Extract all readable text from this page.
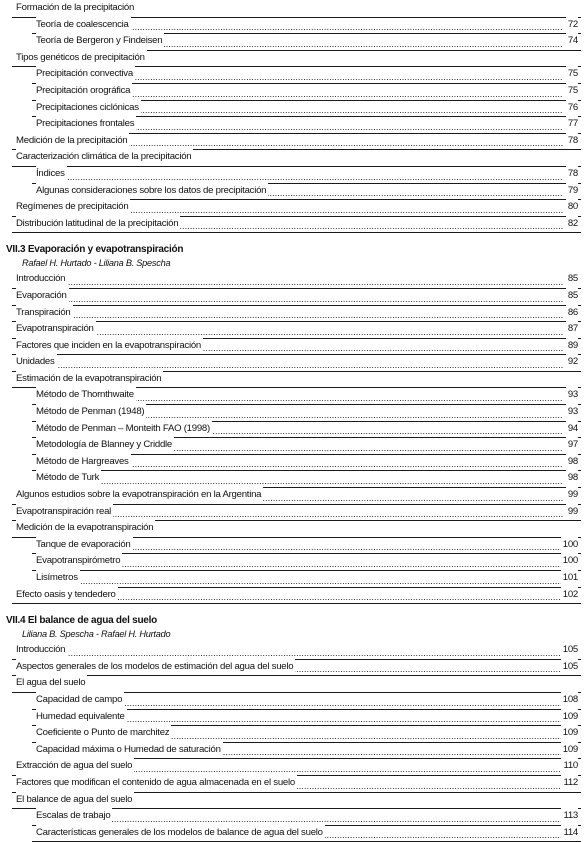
Formación de la precipitación
Teoría de coalescencia	72
Teoría de Bergeron y Findeisen	74
Tipos genéticos de precipitación
Precipitación convectiva	75
Precipitación orográfica	75
Precipitaciones ciclónicas	76
Precipitaciones frontales	77
Medición de la precipitación	78
Caracterización climática de la precipitación
Índices	78
Algunas consideraciones sobre los datos de precipitación	79
Regímenes de precipitación	80
Distribución latitudinal de la precipitación	82
VII.3 Evaporación y evapotranspiración
Rafael H. Hurtado - Liliana B. Spescha
Introducción	85
Evaporación	85
Transpiración	86
Evapotranspiración	87
Factores que inciden en la evapotranspiración	89
Unidades	92
Estimación de la evapotranspiración
Método de Thornthwaite	93
Método de Penman (1948)	93
Método de Penman – Monteith FAO (1998)	94
Metodología de Blanney y Criddle	97
Método de Hargreaves	98
Método de Turk	98
Algunos estudios sobre la evapotranspiración en la Argentina	99
Evapotranspiración real	99
Medición de la evapotranspiración
Tanque de evaporación	100
Evapotranspirómetro	100
Lisímetros	101
Efecto oasis y tendedero	102
VII.4 El balance de agua del suelo
Liliana B. Spescha - Rafael H. Hurtado
Introducción	105
Aspectos generales de los modelos de estimación del agua del suelo	105
El agua del suelo
Capacidad de campo	108
Humedad equivalente	109
Coeficiente o Punto de marchitez	109
Capacidad máxima o Humedad de saturación	109
Extracción de agua del suelo	110
Factores que modifican el contenido de agua almacenada en el suelo	112
El balance de agua del suelo
Escalas de trabajo	113
Características generales de los modelos de balance de agua del suelo	114
